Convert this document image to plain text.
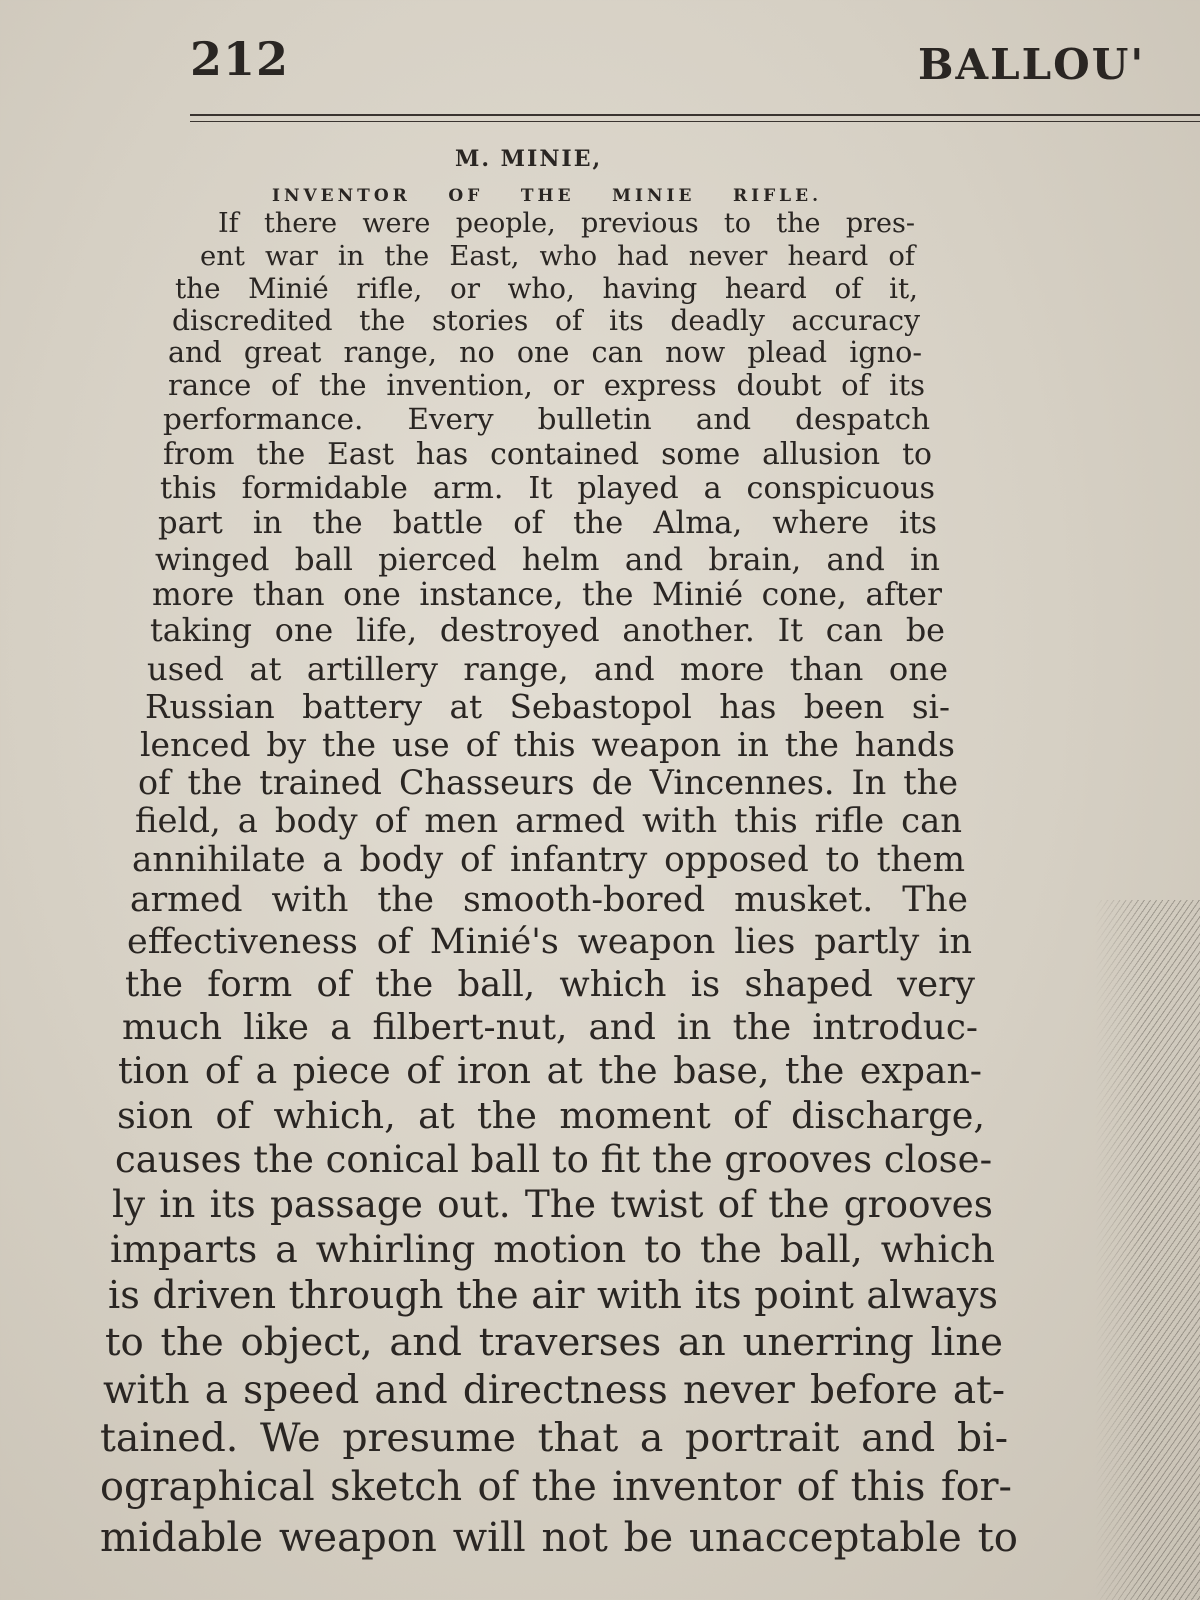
212	BALLOU'
M. MINIE,
INVENTOR OF THE MINIE RIFLE.
If there were people, previous to the pres-
ent war in the East, who had never heard of
the Minié rifle, or who, having heard of it,
discredited the stories of its deadly accuracy
and great range, no one can now plead igno-
rance of the invention, or express doubt of its
performance. Every bulletin and despatch
from the East has contained some allusion to
this formidable arm. It played a conspicuous
part in the battle of the Alma, where its
winged ball pierced helm and brain, and in
more than one instance, the Minié cone, after
taking one life, destroyed another. It can be
used at artillery range, and more than one
Russian battery at Sebastopol has been si-
lenced by the use of this weapon in the hands
of the trained Chasseurs de Vincennes. In the
field, a body of men armed with this rifle can
annihilate a body of infantry opposed to them
armed with the smooth-bored musket. The
effectiveness of Minié's weapon lies partly in
the form of the ball, which is shaped very
much like a filbert-nut, and in the introduc-
tion of a piece of iron at the base, the expan-
sion of which, at the moment of discharge,
causes the conical ball to fit the grooves close-
ly in its passage out. The twist of the grooves
imparts a whirling motion to the ball, which
is driven through the air with its point always
to the object, and traverses an unerring line
with a speed and directness never before at-
tained. We presume that a portrait and bi-
ographical sketch of the inventor of this for-
midable weapon will not be unacceptable to
